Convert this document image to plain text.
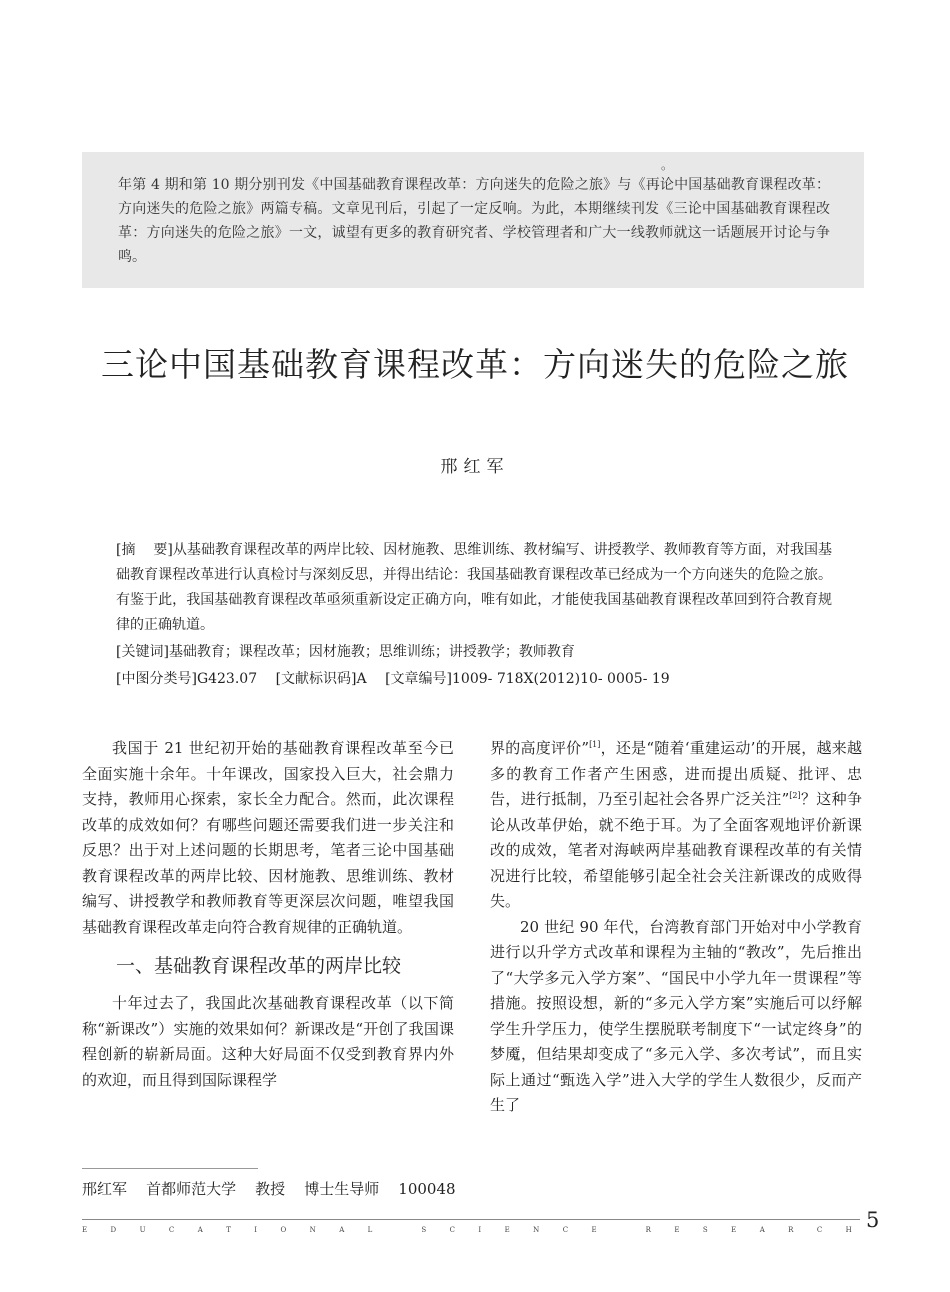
。
年第 4 期和第 10 期分别刊发《中国基础教育课程改革：方向迷失的危险之旅》与《再论中国基础教育课程改革：方向迷失的危险之旅》两篇专稿。文章见刊后，引起了一定反响。为此，本期继续刊发《三论中国基础教育课程改革：方向迷失的危险之旅》一文，诚望有更多的教育研究者、学校管理者和广大一线教师就这一话题展开讨论与争鸣。
三论中国基础教育课程改革：方向迷失的危险之旅
邢红军
[摘    要]从基础教育课程改革的两岸比较、因材施教、思维训练、教材编写、讲授教学、教师教育等方面，对我国基础教育课程改革进行认真检讨与深刻反思，并得出结论：我国基础教育课程改革已经成为一个方向迷失的危险之旅。有鉴于此，我国基础教育课程改革亟须重新设定正确方向，唯有如此，才能使我国基础教育课程改革回到符合教育规律的正确轨道。
[关键词]基础教育；课程改革；因材施教；思维训练；讲授教学；教师教育
[中图分类号]G423.07  [文献标识码]A  [文章编号]1009- 718X(2012)10- 0005- 19

我国于 21 世纪初开始的基础教育课程改革至今已全面实施十余年。十年课改，国家投入巨大，社会鼎力支持，教师用心探索，家长全力配合。然而，此次课程改革的成效如何？有哪些问题还需要我们进一步关注和反思？出于对上述问题的长期思考，笔者三论中国基础教育课程改革的两岸比较、因材施教、思维训练、教材编写、讲授教学和教师教育等更深层次问题，唯望我国基础教育课程改革走向符合教育规律的正确轨道。

一、基础教育课程改革的两岸比较

十年过去了，我国此次基础教育课程改革（以下简称“新课改”）实施的效果如何？新课改是“开创了我国课程创新的崭新局面。这种大好局面不仅受到教育界内外的欢迎，而且得到国际课程学

界的高度评价”[1]，还是“随着‘重建运动’的开展，越来越多的教育工作者产生困惑，进而提出质疑、批评、忠告，进行抵制，乃至引起社会各界广泛关注”[2]？这种争论从改革伊始，就不绝于耳。为了全面客观地评价新课改的成效，笔者对海峡两岸基础教育课程改革的有关情况进行比较，希望能够引起全社会关注新课改的成败得失。

20 世纪 90 年代，台湾教育部门开始对中小学教育进行以升学方式改革和课程为主轴的“教改”，先后推出了“大学多元入学方案”、“国民中小学九年一贯课程”等措施。按照设想，新的“多元入学方案”实施后可以纾解学生升学压力，使学生摆脱联考制度下“一试定终身”的梦魇，但结果却变成了“多元入学、多次考试”，而且实际上通过“甄选入学”进入大学的学生人数很少，反而产生了

邢红军    首都师范大学    教授    博士生导师    100048
E	D	U	C	A	T	I	O	N	A	L
	S	C	I	E	N	C	E
	R	E	S	E	A	R	C	H 5
